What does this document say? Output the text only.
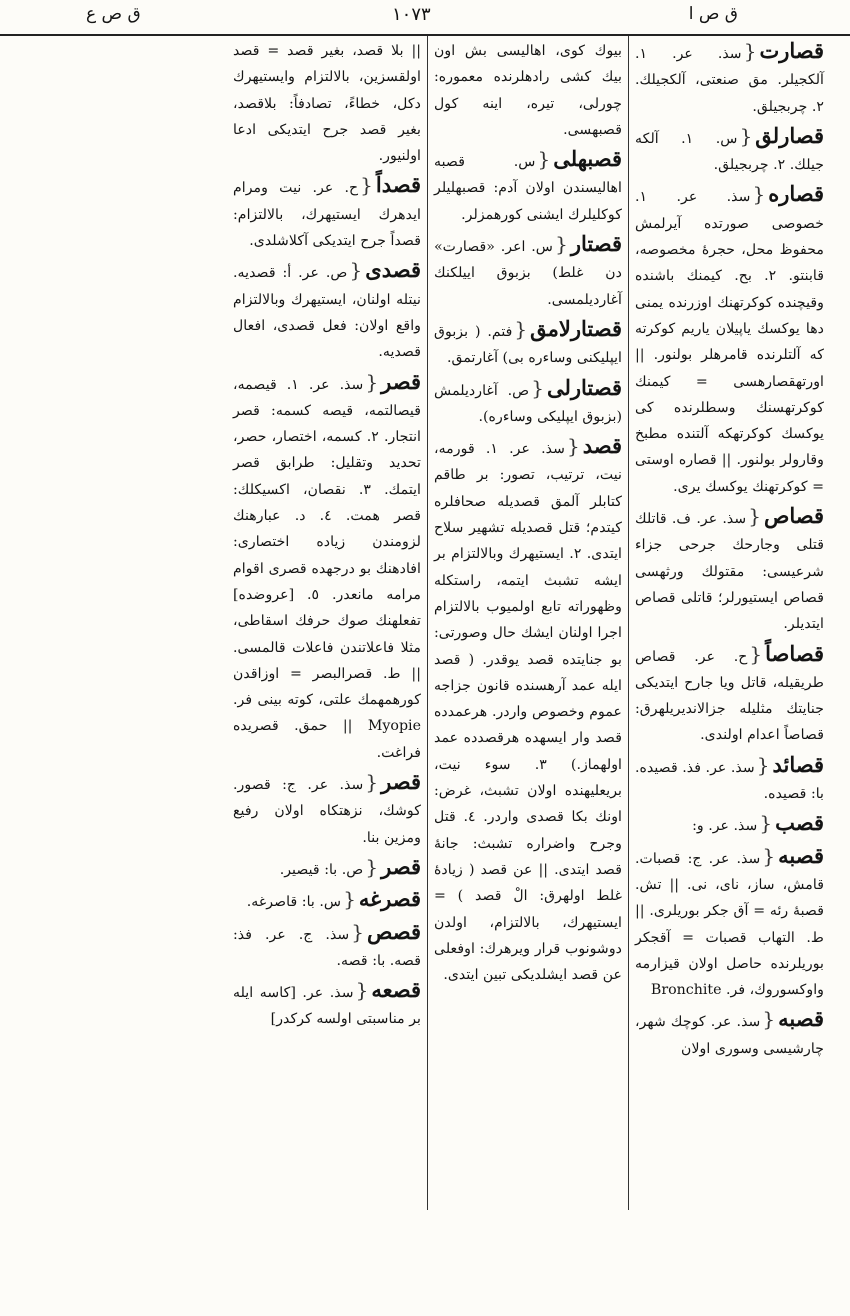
ق ص ا
١٠٧٣
ق ص ع

قصارت{سذ. عر. ١. آلكجيلر. مق صنعتی، آلكجيلك. ٢. چربجيلق.

قصارلق{س. ١. آلكه جيلك. ٢. چربجيلق.

قصاره{سذ. عر. ١. خصوصی صورتده آيرلمش محفوظ محل، حجرهٔ مخصوصه، قابنتو. ٢. بح. كيمنك باشنده وقيچنده كوكرتهنك اوزرنده يمنی دها يوكسك ياپيلان ياريم كوكرته كه آلتلرنده قامرهلر بولنور. || اورتهقصارهسی = كيمنك كوكرتهسنك وسطلرنده كی يوكسك كوكرتهكه آلتنده مطبخ وقارولر بولنور. || قصاره اوستی = كوكرتهنك يوكسك يری.

قصاص{سذ. عر. ف. قاتلك قتلی وجارحك جرحی جزاء شرعيسی: مقتولك ورثهسی قصاص ايستيورلر؛ قاتلی قصاص ايتديلر.

قصاصاً{ح. عر. قصاص طريقيله، قاتل ويا جارح ايتديكی جنايتك مثليله جزالانديريلهرق: قصاصاً اعدام اولندی.

قصائد{سذ. عر. فذ. قصيده. با: قصيده.

قصب{سذ. عر. و:

قصبه{سذ. عر. ج: قصبات. قامش، ساز، نای، نی. || تش. قصبهٔ رئه = آق جكر بوريلری. || ط. التهاب قصبات = آقجكر بوريلرنده حاصل اولان قيزارمه واوكسوروك، فر. Bronchite

قصبه{سذ. عر. كوچك شهر، چارشيسی وسوری اولان

بيوك كوی، اهاليسی بش اون بيك كشی رادهلرنده معموره: چورلی، تيره، اينه كول قصبهسی.

قصبهلی{س. قصبه اهاليسندن اولان آدم: قصبهليلر كوكليلرك ايشنی كورهمزلر.

قصتار{س. اعر. «قصارت» دن غلط) بزبوق اييلكنك آغارديلمسی.

قصتارلامق{فتم. ( بزبوق ايپليكنی وساءره بی) آغارتمق.

قصتارلی{ص. آغارديلمش (بزبوق ايپليكی وساءره).

قصد{سذ. عر. ١. قورمه، نيت، ترتيب، تصور: بر طاقم كتابلر آلمق قصديله صحافلره كيتدم؛ قتل قصديله تشهير سلاح ايتدی. ٢. ايستيهرك وبالالتزام بر ايشه تشبث ايتمه، راستكله وظهوراته تابع اولميوب بالالتزام اجرا اولنان ايشك حال وصورتی: بو جنايتده قصد يوقدر. ( قصد ايله عمد آرهسنده قانون جزاجه عموم وخصوص واردر. هرعمدده قصد وار ايسهده هرقصدده عمد اولهماز.) ٣. سوء نيت، بريعليهنده اولان تشبث، غرض: اونك بكا قصدی واردر. ٤. قتل وجرح واضراره تشبث: جانهٔ قصد ايتدی. || عن قصد ( زيادهٔ غلط اولهرق: الْ قصد ) = ايستيهرك، بالالتزام، اولدن دوشونوب قرار ويرهرك: اوفعلی عن قصد ايشلديكی تبين ايتدی.

|| بلا قصد، بغير قصد = قصد اولقسزين، بالالتزام وايستيهرك دكل، خطاءً، تصادفاً: بلاقصد، بغير قصد جرح ايتديكی ادعا اولنيور.

قصداً{ح. عر. نيت ومرام ايدهرك ايستيهرك، بالالتزام: قصداً جرح ايتديكی آكلاشلدی.

قصدی{ص. عر. أ: قصديه. نيتله اولنان، ايستيهرك وبالالتزام واقع اولان: فعل قصدی، افعال قصديه.

قصر{سذ. عر. ١. قيصمه، قيصالتمه، قيصه كسمه: قصر انتجار. ٢. كسمه، اختصار، حصر، تحديد وتقليل: طرابق قصر ايتمك. ٣. نقصان، اكسيكلك: قصر همت. ٤. د. عبارهنك لزومندن زياده اختصاری: افادهنك بو درجهده قصری اقوام مرامه مانعدر. ٥. [عروضده] تفعلهنك صوك حرفك اسقاطی، مثلا فاعلاتندن فاعلات قالمسی. || ط. قصرالبصر = اوزاقدن كورهمهمك علتی، كوته بينی فر. Myopie || حمق. قصريده فراغت.

قصر{سذ. عر. ج: قصور. كوشك، نزهتكاه اولان رفيع ومزين بنا.

قصر{ص. با: قيصير.

قصرغه{س. با: قاصرغه.

قصص{سذ. ج. عر. فذ: قصه. با: قصه.

قصعه{سذ. عر. [كاسه ايله بر مناسبتی اولسه كركدر]
